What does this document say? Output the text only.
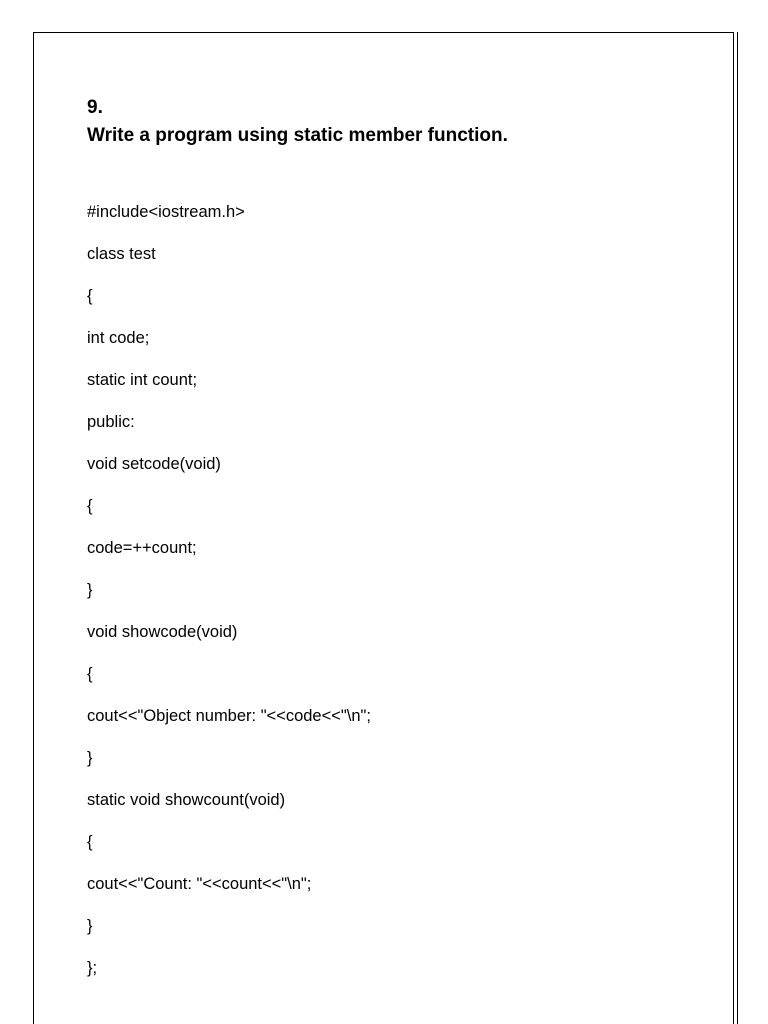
9.
Write a program using static member function.
#include<iostream.h>
class test
{
int code;
static int count;
public:
void setcode(void)
{
code=++count;
}
void showcode(void)
{
cout<<"Object number: "<<code<<"\n";
}
static void showcount(void)
{
cout<<"Count: "<<count<<"\n";
}
};
